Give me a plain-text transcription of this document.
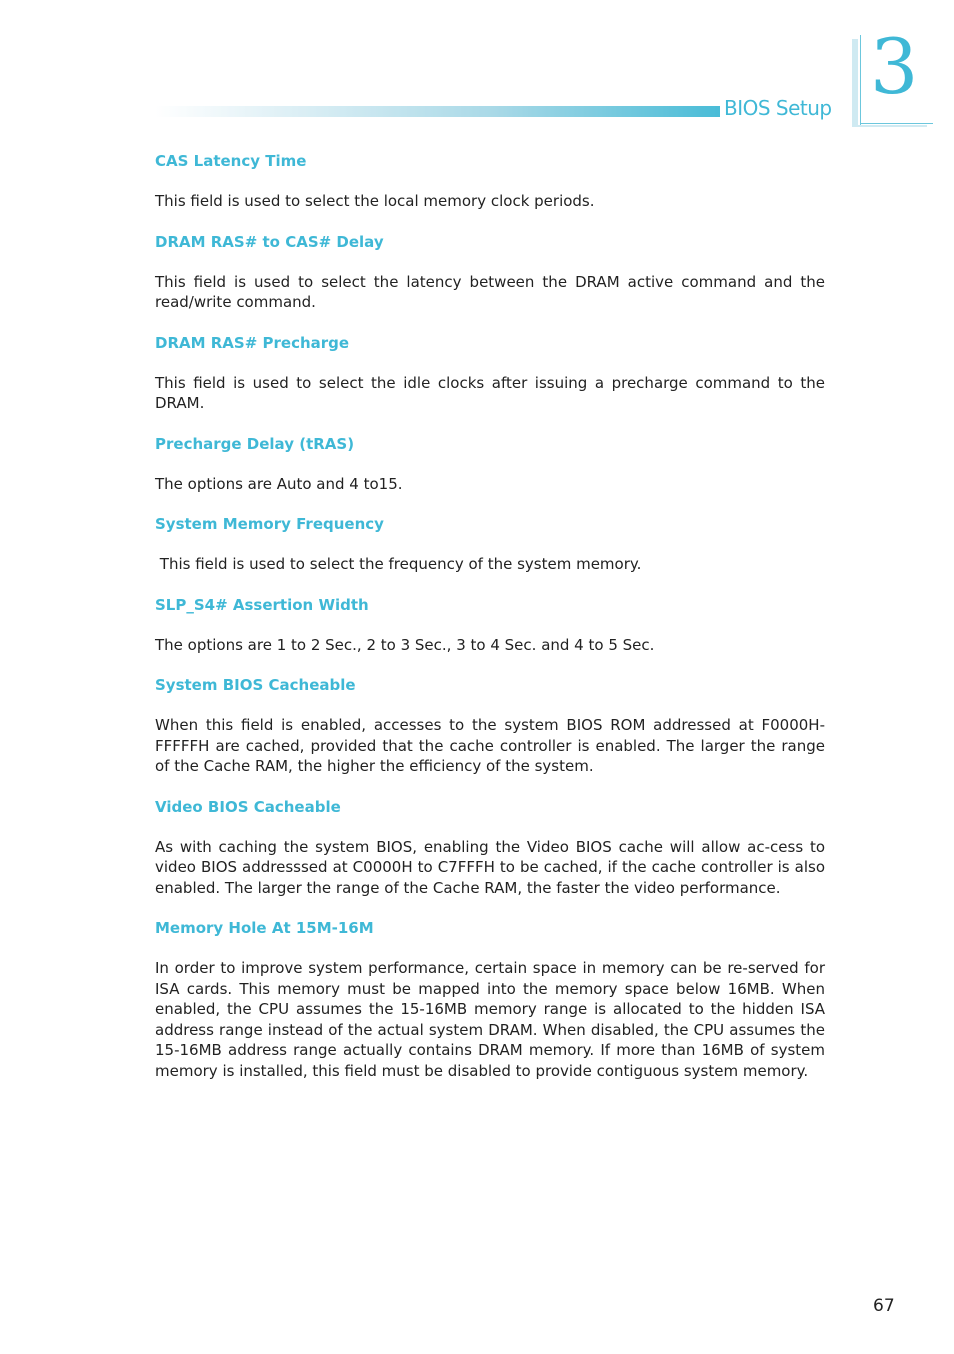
BIOS Setup 3
CAS Latency Time

This field is used to select the local memory clock periods.

DRAM RAS# to CAS# Delay

This field is used to select the latency between the DRAM active command and the read/write command.

DRAM RAS# Precharge

This field is used to select the idle clocks after issuing a precharge command to the DRAM.

Precharge Delay (tRAS)

The options are Auto and 4 to15.

System Memory Frequency

This field is used to select the frequency of the system memory.

SLP_S4# Assertion Width

The options are 1 to 2 Sec., 2 to 3 Sec., 3 to 4 Sec. and 4 to 5 Sec.

System BIOS Cacheable

When this field is enabled, accesses to the system BIOS ROM addressed at F0000H-FFFFFH are cached, provided that the cache controller is enabled. The larger the range of the Cache RAM, the higher the efficiency of the system.

Video BIOS Cacheable

As with caching the system BIOS, enabling the Video BIOS cache will allow ac-cess to video BIOS addresssed at C0000H to C7FFFH to be cached, if the cache controller is also enabled. The larger the range of the Cache RAM, the faster the video performance.

Memory Hole At 15M-16M

In order to improve system performance, certain space in memory can be re-served for ISA cards. This memory must be mapped into the memory space below 16MB. When enabled, the CPU assumes the 15-16MB memory range is allocated to the hidden ISA address range instead of the actual system DRAM. When disabled, the CPU assumes the 15-16MB address range actually contains DRAM memory. If more than 16MB of system memory is installed, this field must be disabled to provide contiguous system memory.

67
